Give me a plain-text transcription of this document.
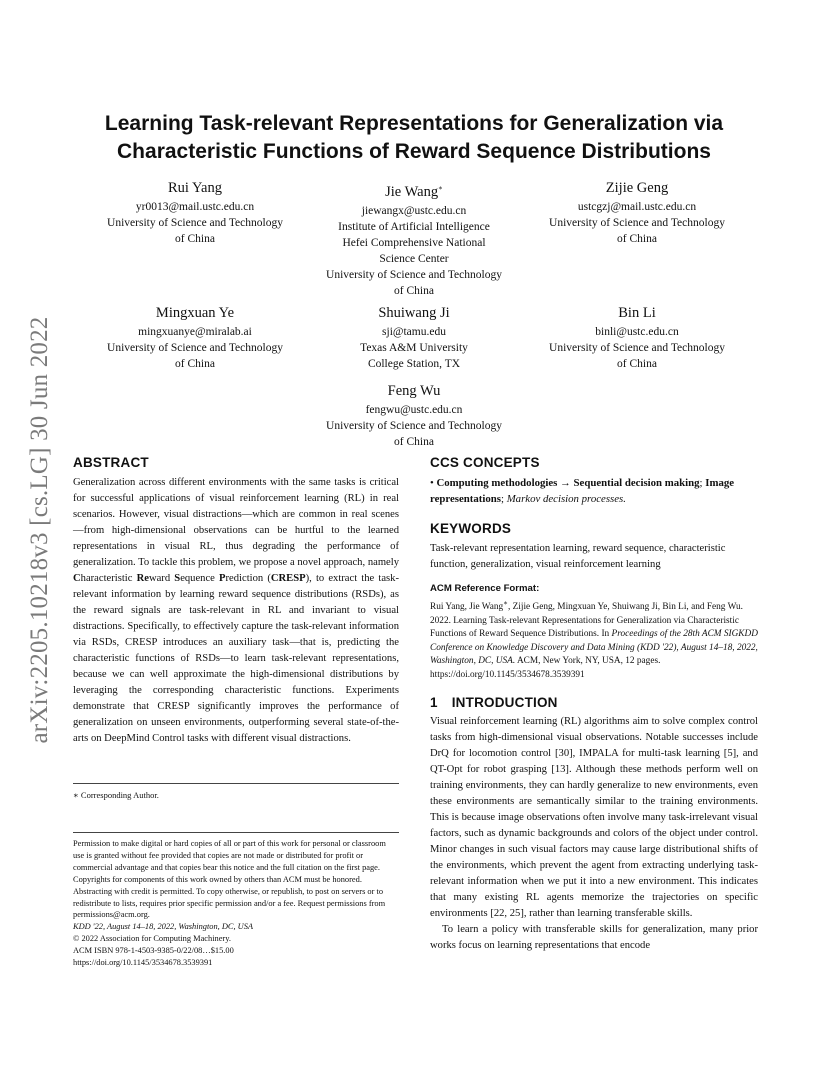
arXiv:2205.10218v3 [cs.LG] 30 Jun 2022
Learning Task-relevant Representations for Generalization via Characteristic Functions of Reward Sequence Distributions
Rui Yang
yr0013@mail.ustc.edu.cn
University of Science and Technology
of China
Jie Wang∗
jiewangx@ustc.edu.cn
Institute of Artificial Intelligence
Hefei Comprehensive National
Science Center
University of Science and Technology
of China
Zijie Geng
ustcgzj@mail.ustc.edu.cn
University of Science and Technology
of China
Mingxuan Ye
mingxuanye@miralab.ai
University of Science and Technology
of China
Shuiwang Ji
sji@tamu.edu
Texas A&M University
College Station, TX
Bin Li
binli@ustc.edu.cn
University of Science and Technology
of China
Feng Wu
fengwu@ustc.edu.cn
University of Science and Technology
of China
ABSTRACT

Generalization across different environments with the same tasks is critical for successful applications of visual reinforcement learning (RL) in real scenarios. However, visual distractions—which are common in real scenes—from high-dimensional observations can be hurtful to the learned representations in visual RL, thus degrading the performance of generalization. To tackle this problem, we propose a novel approach, namely Characteristic Reward Sequence Prediction (CRESP), to extract the task-relevant information by learning reward sequence distributions (RSDs), as the reward signals are task-relevant in RL and invariant to visual distractions. Specifically, to effectively capture the task-relevant information via RSDs, CRESP introduces an auxiliary task—that is, predicting the characteristic functions of RSDs—to learn task-relevant representations, because we can well approximate the high-dimensional distributions by leveraging the corresponding characteristic functions. Experiments demonstrate that CRESP significantly improves the performance of generalization on unseen environments, outperforming several state-of-the-arts on DeepMind Control tasks with different visual distractions.

∗ Corresponding Author.
Permission to make digital or hard copies of all or part of this work for personal or classroom use is granted without fee provided that copies are not made or distributed for profit or commercial advantage and that copies bear this notice and the full citation on the first page. Copyrights for components of this work owned by others than ACM must be honored. Abstracting with credit is permitted. To copy otherwise, or republish, to post on servers or to redistribute to lists, requires prior specific permission and/or a fee. Request permissions from permissions@acm.org.
KDD '22, August 14–18, 2022, Washington, DC, USA
© 2022 Association for Computing Machinery.
ACM ISBN 978-1-4503-9385-0/22/08…$15.00
https://doi.org/10.1145/3534678.3539391
CCS CONCEPTS

• Computing methodologies → Sequential decision making; Image representations; Markov decision processes.

KEYWORDS

Task-relevant representation learning, reward sequence, characteristic function, generalization, visual reinforcement learning

ACM Reference Format:

Rui Yang, Jie Wang∗, Zijie Geng, Mingxuan Ye, Shuiwang Ji, Bin Li, and Feng Wu. 2022. Learning Task-relevant Representations for Generalization via Characteristic Functions of Reward Sequence Distributions. In Proceedings of the 28th ACM SIGKDD Conference on Knowledge Discovery and Data Mining (KDD '22), August 14–18, 2022, Washington, DC, USA. ACM, New York, NY, USA, 12 pages. https://doi.org/10.1145/3534678.3539391

1 INTRODUCTION

Visual reinforcement learning (RL) algorithms aim to solve complex control tasks from high-dimensional visual observations. Notable successes include DrQ for locomotion control [30], IMPALA for multi-task learning [5], and QT-Opt for robot grasping [13]. Although these methods perform well on training environments, they can hardly generalize to new environments, even these environments are semantically similar to the training environments. This is because image observations often involve many task-irrelevant visual factors, such as dynamic backgrounds and colors of the object under control. Minor changes in such visual factors may cause large distributional shifts of the environments, which prevent the agent from extracting underlying task-relevant information when we put it into a new environment. This indicates that many existing RL agents memorize the trajectories on specific environments [22, 25], rather than learning transferable skills.

To learn a policy with transferable skills for generalization, many prior works focus on learning representations that encode
